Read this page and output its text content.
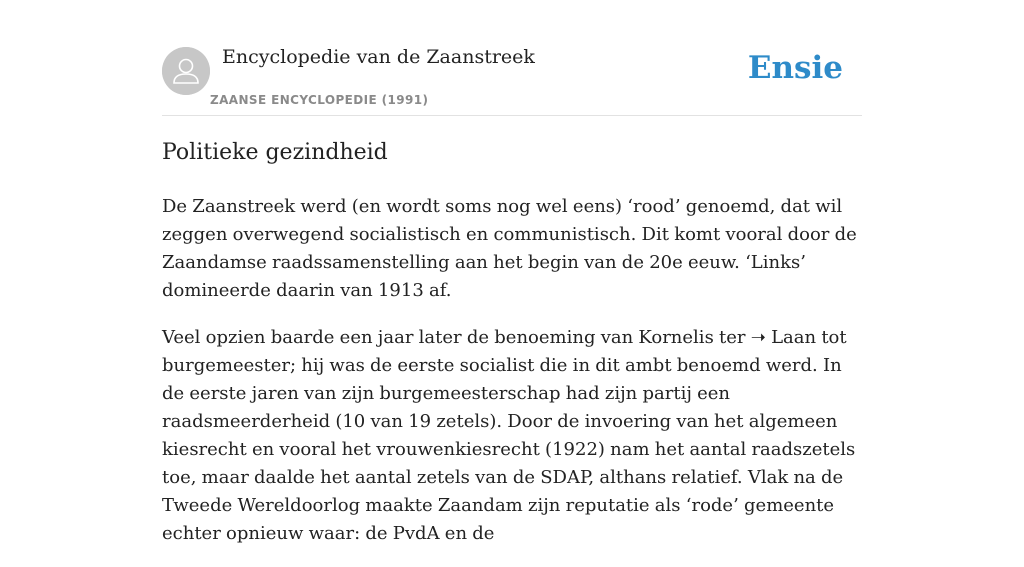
Encyclopedie van de Zaanstreek
ZAANSE ENCYCLOPEDIE (1991)
Ensie
Politieke gezindheid

De Zaanstreek werd (en wordt soms nog wel eens) ‘rood’ genoemd, dat wil zeggen overwegend socialistisch en communistisch. Dit komt vooral door de Zaandamse raadssamenstelling aan het begin van de 20e eeuw. ‘Links’ domineerde daarin van 1913 af.

Veel opzien baarde een jaar later de benoeming van Kornelis ter ➝ Laan tot burgemeester; hij was de eerste socialist die in dit ambt benoemd werd. In de eerste jaren van zijn burgemeesterschap had zijn partij een raadsmeerderheid (10 van 19 zetels). Door de invoering van het algemeen kiesrecht en vooral het vrouwenkiesrecht (1922) nam het aantal raadszetels toe, maar daalde het aantal zetels van de SDAP, althans relatief. Vlak na de Tweede Wereldoorlog maakte Zaandam zijn reputatie als ‘rode’ gemeente echter opnieuw waar: de PvdA en de
